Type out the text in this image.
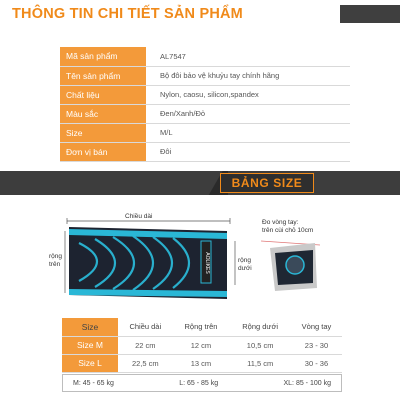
THÔNG TIN CHI TIẾT SẢN PHẨM
Mã sản phẩm	AL7547
Tên sản phẩm	Bộ đôi bảo vệ khuỷu tay chính hãng
Chất liệu	Nylon, caosu, silicon,spandex
Màu sắc	Đen/Xanh/Đỏ
Size	M/L
Đơn vị bán	Đôi
BẢNG SIZE
Chiều dài
AOLIKES
rộng trên
rộng dưới
Đo vòng tay:
trên cùi chỏ 10cm
Size	Chiều dài	Rộng trên	Rộng dưới	Vòng tay
Size M	22 cm	12 cm	10,5 cm	23 - 30
Size L	22,5 cm	13 cm	11,5 cm	30 - 36
M: 45 - 65 kg	L: 65 - 85 kg	XL: 85 - 100 kg
